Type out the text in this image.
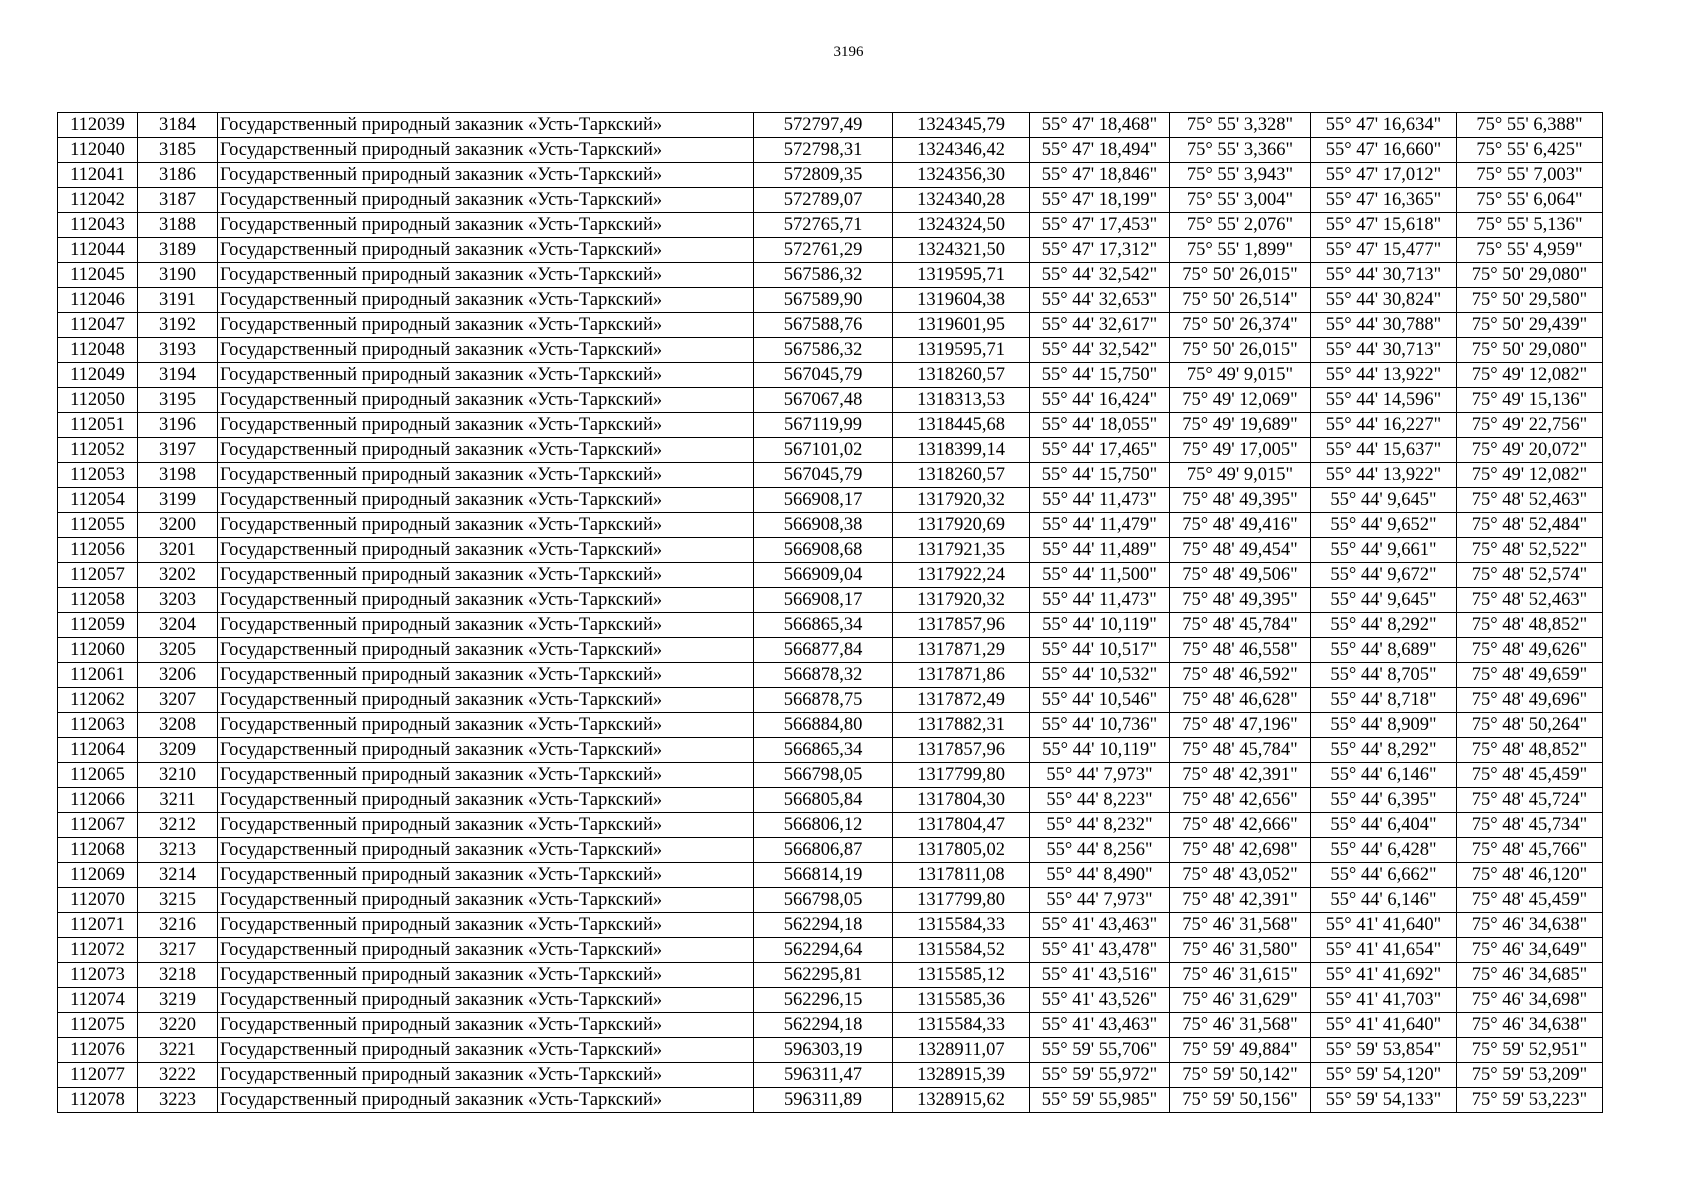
3196
112039	3184	Государственный природный заказник «Усть-Таркский»	572797,49	1324345,79	55° 47' 18,468"	75° 55' 3,328"	55° 47' 16,634"	75° 55' 6,388"
112040	3185	Государственный природный заказник «Усть-Таркский»	572798,31	1324346,42	55° 47' 18,494"	75° 55' 3,366"	55° 47' 16,660"	75° 55' 6,425"
112041	3186	Государственный природный заказник «Усть-Таркский»	572809,35	1324356,30	55° 47' 18,846"	75° 55' 3,943"	55° 47' 17,012"	75° 55' 7,003"
112042	3187	Государственный природный заказник «Усть-Таркский»	572789,07	1324340,28	55° 47' 18,199"	75° 55' 3,004"	55° 47' 16,365"	75° 55' 6,064"
112043	3188	Государственный природный заказник «Усть-Таркский»	572765,71	1324324,50	55° 47' 17,453"	75° 55' 2,076"	55° 47' 15,618"	75° 55' 5,136"
112044	3189	Государственный природный заказник «Усть-Таркский»	572761,29	1324321,50	55° 47' 17,312"	75° 55' 1,899"	55° 47' 15,477"	75° 55' 4,959"
112045	3190	Государственный природный заказник «Усть-Таркский»	567586,32	1319595,71	55° 44' 32,542"	75° 50' 26,015"	55° 44' 30,713"	75° 50' 29,080"
112046	3191	Государственный природный заказник «Усть-Таркский»	567589,90	1319604,38	55° 44' 32,653"	75° 50' 26,514"	55° 44' 30,824"	75° 50' 29,580"
112047	3192	Государственный природный заказник «Усть-Таркский»	567588,76	1319601,95	55° 44' 32,617"	75° 50' 26,374"	55° 44' 30,788"	75° 50' 29,439"
112048	3193	Государственный природный заказник «Усть-Таркский»	567586,32	1319595,71	55° 44' 32,542"	75° 50' 26,015"	55° 44' 30,713"	75° 50' 29,080"
112049	3194	Государственный природный заказник «Усть-Таркский»	567045,79	1318260,57	55° 44' 15,750"	75° 49' 9,015"	55° 44' 13,922"	75° 49' 12,082"
112050	3195	Государственный природный заказник «Усть-Таркский»	567067,48	1318313,53	55° 44' 16,424"	75° 49' 12,069"	55° 44' 14,596"	75° 49' 15,136"
112051	3196	Государственный природный заказник «Усть-Таркский»	567119,99	1318445,68	55° 44' 18,055"	75° 49' 19,689"	55° 44' 16,227"	75° 49' 22,756"
112052	3197	Государственный природный заказник «Усть-Таркский»	567101,02	1318399,14	55° 44' 17,465"	75° 49' 17,005"	55° 44' 15,637"	75° 49' 20,072"
112053	3198	Государственный природный заказник «Усть-Таркский»	567045,79	1318260,57	55° 44' 15,750"	75° 49' 9,015"	55° 44' 13,922"	75° 49' 12,082"
112054	3199	Государственный природный заказник «Усть-Таркский»	566908,17	1317920,32	55° 44' 11,473"	75° 48' 49,395"	55° 44' 9,645"	75° 48' 52,463"
112055	3200	Государственный природный заказник «Усть-Таркский»	566908,38	1317920,69	55° 44' 11,479"	75° 48' 49,416"	55° 44' 9,652"	75° 48' 52,484"
112056	3201	Государственный природный заказник «Усть-Таркский»	566908,68	1317921,35	55° 44' 11,489"	75° 48' 49,454"	55° 44' 9,661"	75° 48' 52,522"
112057	3202	Государственный природный заказник «Усть-Таркский»	566909,04	1317922,24	55° 44' 11,500"	75° 48' 49,506"	55° 44' 9,672"	75° 48' 52,574"
112058	3203	Государственный природный заказник «Усть-Таркский»	566908,17	1317920,32	55° 44' 11,473"	75° 48' 49,395"	55° 44' 9,645"	75° 48' 52,463"
112059	3204	Государственный природный заказник «Усть-Таркский»	566865,34	1317857,96	55° 44' 10,119"	75° 48' 45,784"	55° 44' 8,292"	75° 48' 48,852"
112060	3205	Государственный природный заказник «Усть-Таркский»	566877,84	1317871,29	55° 44' 10,517"	75° 48' 46,558"	55° 44' 8,689"	75° 48' 49,626"
112061	3206	Государственный природный заказник «Усть-Таркский»	566878,32	1317871,86	55° 44' 10,532"	75° 48' 46,592"	55° 44' 8,705"	75° 48' 49,659"
112062	3207	Государственный природный заказник «Усть-Таркский»	566878,75	1317872,49	55° 44' 10,546"	75° 48' 46,628"	55° 44' 8,718"	75° 48' 49,696"
112063	3208	Государственный природный заказник «Усть-Таркский»	566884,80	1317882,31	55° 44' 10,736"	75° 48' 47,196"	55° 44' 8,909"	75° 48' 50,264"
112064	3209	Государственный природный заказник «Усть-Таркский»	566865,34	1317857,96	55° 44' 10,119"	75° 48' 45,784"	55° 44' 8,292"	75° 48' 48,852"
112065	3210	Государственный природный заказник «Усть-Таркский»	566798,05	1317799,80	55° 44' 7,973"	75° 48' 42,391"	55° 44' 6,146"	75° 48' 45,459"
112066	3211	Государственный природный заказник «Усть-Таркский»	566805,84	1317804,30	55° 44' 8,223"	75° 48' 42,656"	55° 44' 6,395"	75° 48' 45,724"
112067	3212	Государственный природный заказник «Усть-Таркский»	566806,12	1317804,47	55° 44' 8,232"	75° 48' 42,666"	55° 44' 6,404"	75° 48' 45,734"
112068	3213	Государственный природный заказник «Усть-Таркский»	566806,87	1317805,02	55° 44' 8,256"	75° 48' 42,698"	55° 44' 6,428"	75° 48' 45,766"
112069	3214	Государственный природный заказник «Усть-Таркский»	566814,19	1317811,08	55° 44' 8,490"	75° 48' 43,052"	55° 44' 6,662"	75° 48' 46,120"
112070	3215	Государственный природный заказник «Усть-Таркский»	566798,05	1317799,80	55° 44' 7,973"	75° 48' 42,391"	55° 44' 6,146"	75° 48' 45,459"
112071	3216	Государственный природный заказник «Усть-Таркский»	562294,18	1315584,33	55° 41' 43,463"	75° 46' 31,568"	55° 41' 41,640"	75° 46' 34,638"
112072	3217	Государственный природный заказник «Усть-Таркский»	562294,64	1315584,52	55° 41' 43,478"	75° 46' 31,580"	55° 41' 41,654"	75° 46' 34,649"
112073	3218	Государственный природный заказник «Усть-Таркский»	562295,81	1315585,12	55° 41' 43,516"	75° 46' 31,615"	55° 41' 41,692"	75° 46' 34,685"
112074	3219	Государственный природный заказник «Усть-Таркский»	562296,15	1315585,36	55° 41' 43,526"	75° 46' 31,629"	55° 41' 41,703"	75° 46' 34,698"
112075	3220	Государственный природный заказник «Усть-Таркский»	562294,18	1315584,33	55° 41' 43,463"	75° 46' 31,568"	55° 41' 41,640"	75° 46' 34,638"
112076	3221	Государственный природный заказник «Усть-Таркский»	596303,19	1328911,07	55° 59' 55,706"	75° 59' 49,884"	55° 59' 53,854"	75° 59' 52,951"
112077	3222	Государственный природный заказник «Усть-Таркский»	596311,47	1328915,39	55° 59' 55,972"	75° 59' 50,142"	55° 59' 54,120"	75° 59' 53,209"
112078	3223	Государственный природный заказник «Усть-Таркский»	596311,89	1328915,62	55° 59' 55,985"	75° 59' 50,156"	55° 59' 54,133"	75° 59' 53,223"
